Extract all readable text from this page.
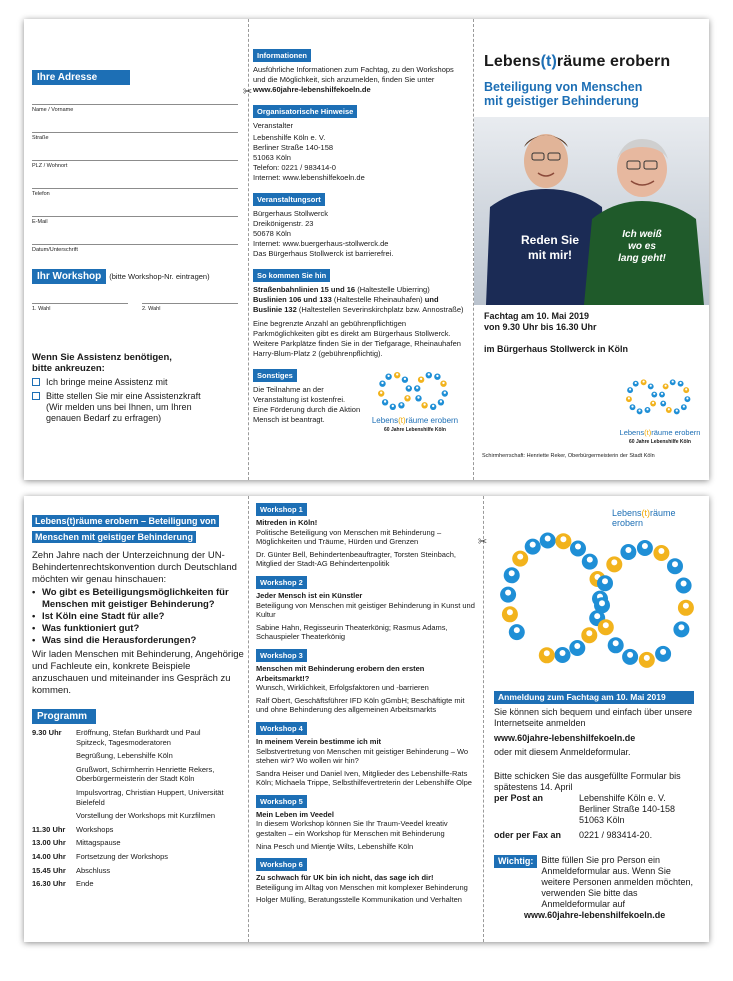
Ihre Adresse
Name / Vorname
Straße
PLZ / Wohnort
Telefon
E-Mail
Datum/Unterschrift
Ihr Workshop	(bitte Workshop-Nr. eintragen)
1. Wahl	2. Wahl
Wenn Sie Assistenz benötigen,
bitte ankreuzen:
Ich bringe meine Assistenz mit
Bitte stellen Sie mir eine Assistenzkraft (Wir melden uns bei Ihnen, um Ihren genauen Bedarf zu erfragen)
✂
Informationen
Ausführliche Informationen zum Fachtag, zu den Workshops und die Möglichkeit, sich anzumelden, finden Sie unter
www.60jahre-lebenshilfekoeln.de
Organisatorische Hinweise
Veranstalter
Lebenshilfe Köln e. V.
Berliner Straße 140-158
51063 Köln
Telefon: 0221 / 983414-0
Internet: www.lebenshilfekoeln.de
Veranstaltungsort
Bürgerhaus Stollwerck
Dreikönigenstr. 23
50678 Köln
Internet: www.buergerhaus-stollwerck.de
Das Bürgerhaus Stollwerck ist barrierefrei.
So kommen Sie hin
Straßenbahnlinien 15 und 16 (Haltestelle Ubierring)
Buslinien 106 und 133 (Haltestelle Rheinauhafen) und Buslinie 132 (Haltestellen Severinskirchplatz bzw. Annostraße)
Eine begrenzte Anzahl an gebührenpflichtigen Parkmöglichkeiten gibt es direkt am Bürgerhaus Stollwerck. Weitere Parkplätze finden Sie in der Tiefgarage, Rheinauhafen Harry-Blum-Platz 2 (gebührenpflichtig).
Sonstiges
Die Teilnahme an der Veranstaltung ist kostenfrei. Eine Förderung durch die Aktion Mensch ist beantragt.	Lebens(t)räume erobern
60 Jahre Lebenshilfe Köln
Lebens(t)räume erobern
Beteiligung von Menschen
mit geistiger Behinderung
Reden Sie
mit mir!
Ich weiß
wo es
lang geht!
Fachtag am 10. Mai 2019
von 9.30 Uhr bis 16.30 Uhr
im Bürgerhaus Stollwerck in Köln
Lebens(t)räume erobern
60 Jahre Lebenshilfe Köln
Schirmherrschaft: Henriette Reker, Oberbürgermeisterin der Stadt Köln
Lebens(t)räume erobern – Beteiligung von Menschen mit geistiger Behinderung

Zehn Jahre nach der Unterzeichnung der UN-Behindertenrechtskonvention durch Deutschland möchten wir genau hinschauen:

• Wo gibt es Beteiligungsmöglichkeiten für Menschen mit geistiger Behinderung?
• Ist Köln eine Stadt für alle?
• Was funktioniert gut?
• Was sind die Herausforderungen?

Wir laden Menschen mit Behinderung, Angehörige und Fachleute ein, konkrete Beispiele anzuschauen und miteinander ins Gespräch zu kommen.

Programm
9.30 Uhr	Eröffnung, Stefan Burkhardt und Paul Spitzeck, Tagesmoderatoren
Begrüßung, Lebenshilfe Köln
Grußwort, Schirmherrin Henriette Rekers, Oberbürgermeisterin der Stadt Köln
Impulsvortrag, Christian Huppert, Universität Bielefeld
Vorstellung der Workshops mit Kurzfilmen
11.30 Uhr	Workshops
13.00 Uhr	Mittagspause
14.00 Uhr	Fortsetzung der Workshops
15.45 Uhr	Abschluss
16.30 Uhr	Ende
Workshop 1
Mitreden in Köln!
Politische Beteiligung von Menschen mit Behinderung – Möglichkeiten und Träume, Hürden und Grenzen
Dr. Günter Bell, Behindertenbeauftragter, Torsten Steinbach, Mitglied der Stadt-AG Behindertenpolitik
Workshop 2
Jeder Mensch ist ein Künstler
Beteiligung von Menschen mit geistiger Behinderung in Kunst und Kultur
Sabine Hahn, Regisseurin Theaterkönig; Rasmus Adams, Schauspieler Theaterkönig
Workshop 3
Menschen mit Behinderung erobern den ersten Arbeitsmarkt!?
Wunsch, Wirklichkeit, Erfolgsfaktoren und -barrieren
Ralf Obert, Geschäftsführer IFD Köln gGmbH; Beschäftigte mit und ohne Behinderung des allgemeinen Arbeitsmarkts
Workshop 4
In meinem Verein bestimme ich mit
Selbstvertretung von Menschen mit geistiger Behinderung – Wo stehen wir? Wo wollen wir hin?
Sandra Heiser und Daniel Iven, Mitglieder des Lebenshilfe-Rats Köln; Michaela Trippe, Selbsthilfevertreterin der Lebenshilfe Olpe
Workshop 5
Mein Leben im Veedel
In diesem Workshop können Sie Ihr Traum-Veedel kreativ gestalten – ein Workshop für Menschen mit Behinderung
Nina Pesch und Mientje Wilts, Lebenshilfe Köln
Workshop 6
Zu schwach für UK bin ich nicht, das sage ich dir!
Beteiligung im Alltag von Menschen mit komplexer Behinderung
Holger Mülling, Beratungsstelle Kommunikation und Verhalten
✂
Lebens(t)räume erobern
Anmeldung zum Fachtag am 10. Mai 2019

Sie können sich bequem und einfach über unsere Internetseite anmelden

www.60jahre-lebenshilfekoeln.de

oder mit diesem Anmeldeformular.

Bitte schicken Sie das ausgefüllte Formular bis spätestens 14. April

per Post an	Lebenshilfe Köln e. V.
Berliner Straße 140-158
51063 Köln
oder per Fax an	0221 / 983414-20.
Wichtig: Bitte füllen Sie pro Person ein Anmeldeformular aus. Wenn Sie weitere Personen anmelden möchten, verwenden Sie bitte das Anmeldeformular auf

www.60jahre-lebenshilfekoeln.de
